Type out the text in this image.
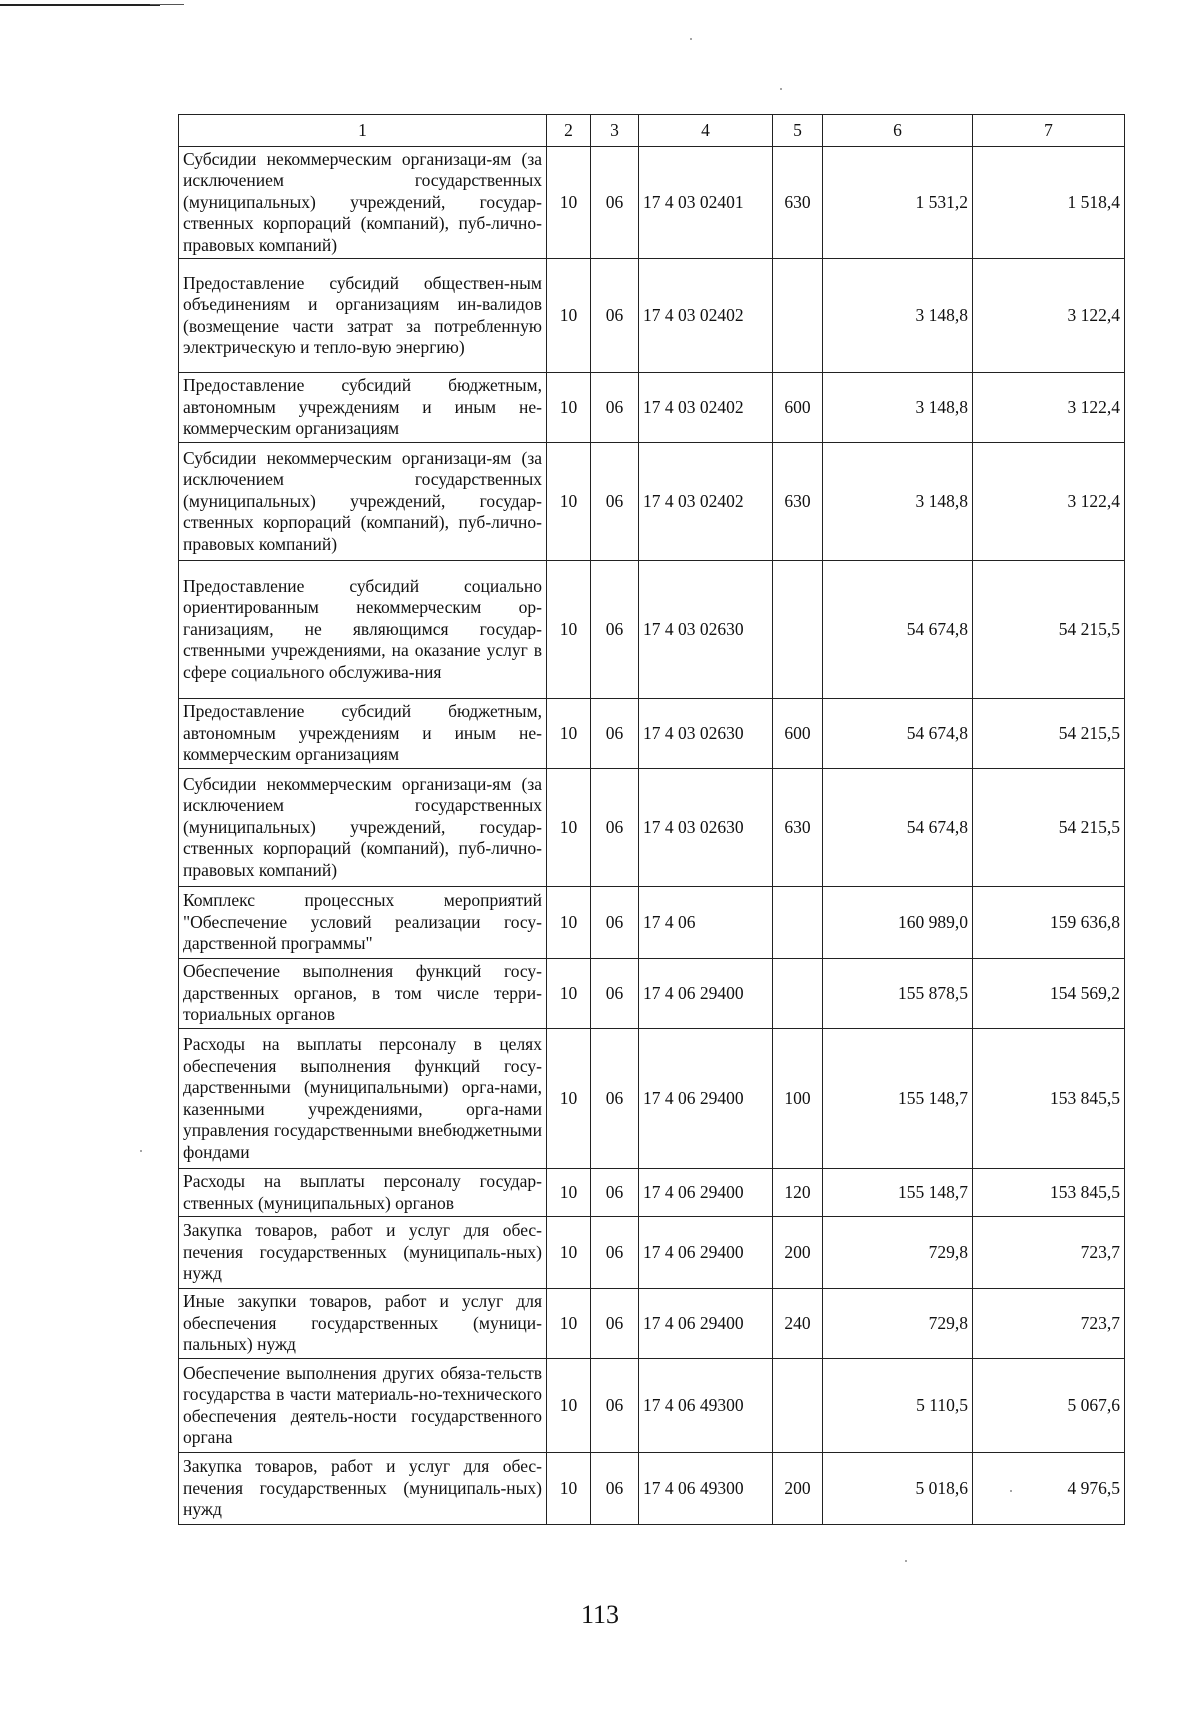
1	2	3	4	5	6	7
Субсидии некоммерческим организаци-ям (за исключением государственных (муниципальных) учреждений, государ-ственных корпораций (компаний), пуб-лично-правовых компаний)	10	06	17 4 03 02401	630	1 531,2	1 518,4
Предоставление субсидий обществен-ным объединениям и организациям ин-валидов (возмещение части затрат за потребленную электрическую и тепло-вую энергию)	10	06	17 4 03 02402		3 148,8	3 122,4
Предоставление субсидий бюджетным, автономным учреждениям и иным не-коммерческим организациям	10	06	17 4 03 02402	600	3 148,8	3 122,4
Субсидии некоммерческим организаци-ям (за исключением государственных (муниципальных) учреждений, государ-ственных корпораций (компаний), пуб-лично-правовых компаний)	10	06	17 4 03 02402	630	3 148,8	3 122,4
Предоставление субсидий социально ориентированным некоммерческим ор-ганизациям, не являющимся государ-ственными учреждениями, на оказание услуг в сфере социального обслужива-ния	10	06	17 4 03 02630		54 674,8	54 215,5
Предоставление субсидий бюджетным, автономным учреждениям и иным не-коммерческим организациям	10	06	17 4 03 02630	600	54 674,8	54 215,5
Субсидии некоммерческим организаци-ям (за исключением государственных (муниципальных) учреждений, государ-ственных корпораций (компаний), пуб-лично-правовых компаний)	10	06	17 4 03 02630	630	54 674,8	54 215,5
Комплекс процессных мероприятий "Обеспечение условий реализации госу-дарственной программы"	10	06	17 4 06		160 989,0	159 636,8
Обеспечение выполнения функций госу-дарственных органов, в том числе терри-ториальных органов	10	06	17 4 06 29400		155 878,5	154 569,2
Расходы на выплаты персоналу в целях обеспечения выполнения функций госу-дарственными (муниципальными) орга-нами, казенными учреждениями, орга-нами управления государственными внебюджетными фондами	10	06	17 4 06 29400	100	155 148,7	153 845,5
Расходы на выплаты персоналу государ-ственных (муниципальных) органов	10	06	17 4 06 29400	120	155 148,7	153 845,5
Закупка товаров, работ и услуг для обес-печения государственных (муниципаль-ных) нужд	10	06	17 4 06 29400	200	729,8	723,7
Иные закупки товаров, работ и услуг для обеспечения государственных (муници-пальных) нужд	10	06	17 4 06 29400	240	729,8	723,7
Обеспечение выполнения других обяза-тельств государства в части материаль-но-технического обеспечения деятель-ности государственного органа	10	06	17 4 06 49300		5 110,5	5 067,6
Закупка товаров, работ и услуг для обес-печения государственных (муниципаль-ных) нужд	10	06	17 4 06 49300	200	5 018,6	4 976,5
113
